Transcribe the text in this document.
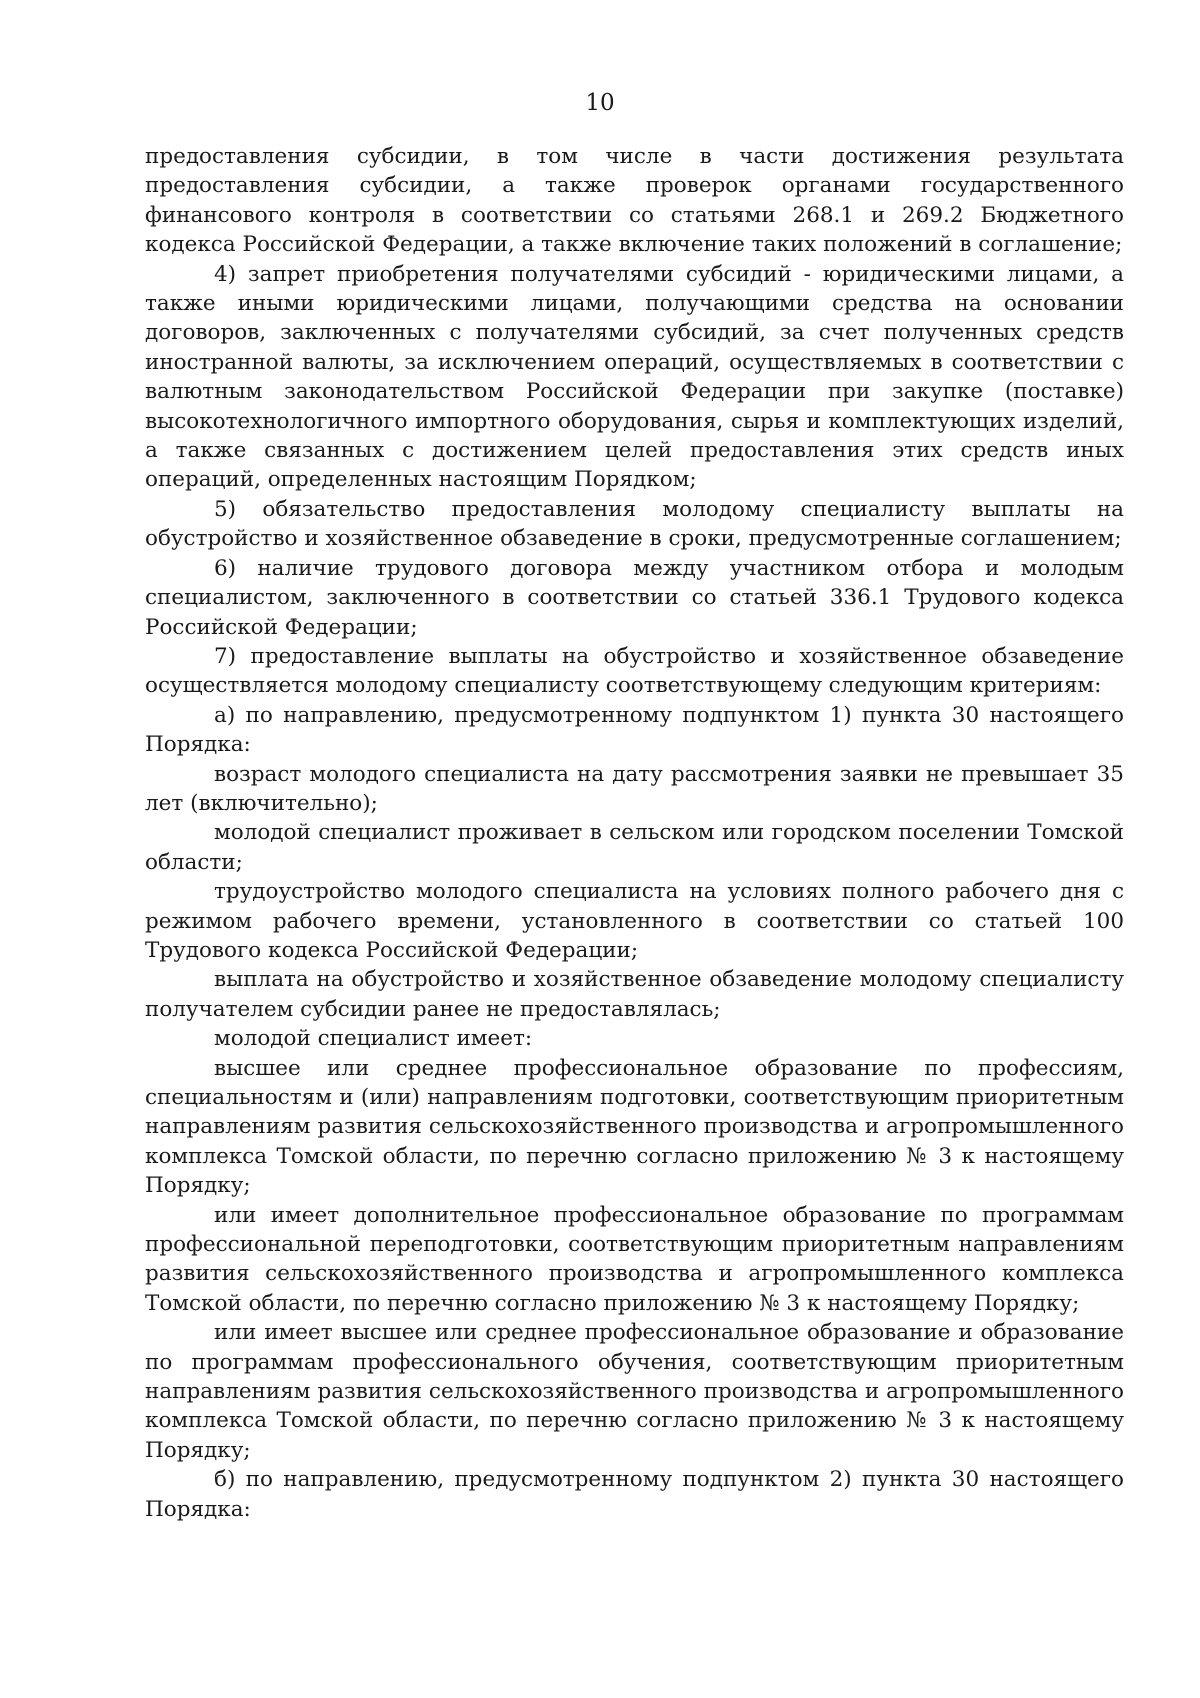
10

предоставления субсидии, в том числе в части достижения результата предоставления субсидии, а также проверок органами государственного финансового контроля в соответствии со статьями 268.1 и 269.2 Бюджетного кодекса Российской Федерации, а также включение таких положений в соглашение;

4) запрет приобретения получателями субсидий - юридическими лицами, а также иными юридическими лицами, получающими средства на основании договоров, заключенных с получателями субсидий, за счет полученных средств иностранной валюты, за исключением операций, осуществляемых в соответствии с валютным законодательством Российской Федерации при закупке (поставке) высокотехнологичного импортного оборудования, сырья и комплектующих изделий, а также связанных с достижением целей предоставления этих средств иных операций, определенных настоящим Порядком;

5) обязательство предоставления молодому специалисту выплаты на обустройство и хозяйственное обзаведение в сроки, предусмотренные соглашением;

6) наличие трудового договора между участником отбора и молодым специалистом, заключенного в соответствии со статьей 336.1 Трудового кодекса Российской Федерации;

7) предоставление выплаты на обустройство и хозяйственное обзаведение осуществляется молодому специалисту соответствующему следующим критериям:

а) по направлению, предусмотренному подпунктом 1) пункта 30 настоящего Порядка:

возраст молодого специалиста на дату рассмотрения заявки не превышает 35 лет (включительно);

молодой специалист проживает в сельском или городском поселении Томской области;

трудоустройство молодого специалиста на условиях полного рабочего дня с режимом рабочего времени, установленного в соответствии со статьей 100 Трудового кодекса Российской Федерации;

выплата на обустройство и хозяйственное обзаведение молодому специалисту получателем субсидии ранее не предоставлялась;

молодой специалист имеет:

высшее или среднее профессиональное образование по профессиям, специальностям и (или) направлениям подготовки, соответствующим приоритетным направлениям развития сельскохозяйственного производства и агропромышленного комплекса Томской области, по перечню согласно приложению № 3 к настоящему Порядку;

или имеет дополнительное профессиональное образование по программам профессиональной переподготовки, соответствующим приоритетным направлениям развития сельскохозяйственного производства и агропромышленного комплекса Томской области, по перечню согласно приложению № 3 к настоящему Порядку;

или имеет высшее или среднее профессиональное образование и образование по программам профессионального обучения, соответствующим приоритетным направлениям развития сельскохозяйственного производства и агропромышленного комплекса Томской области, по перечню согласно приложению № 3 к настоящему Порядку;

б) по направлению, предусмотренному подпунктом 2) пункта 30 настоящего Порядка:
